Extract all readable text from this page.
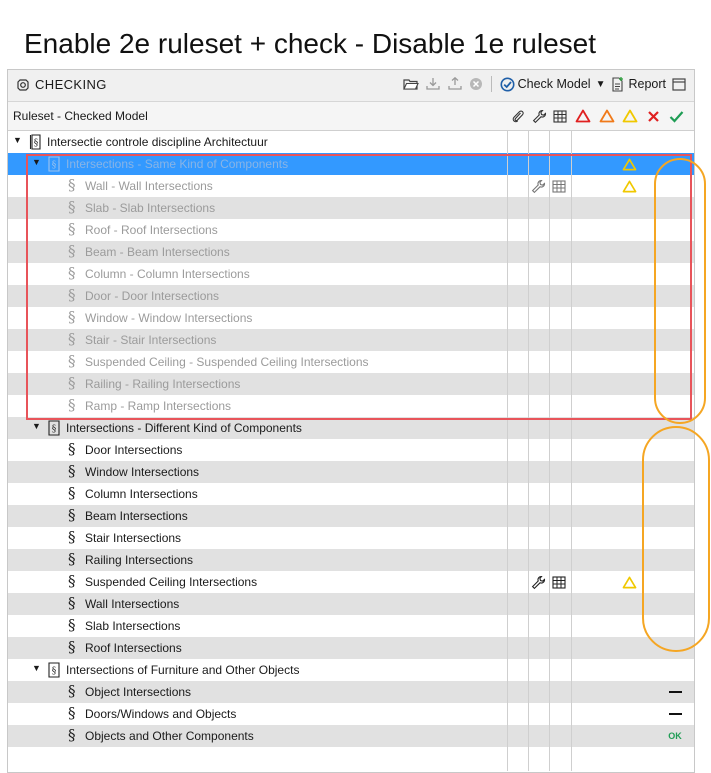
Enable 2e ruleset + check - Disable 1e ruleset
CHECKING	Check Model ▼ Report
Ruleset - Checked Model
▼ § Intersectie controle discipline Architectuur
▼ § Intersections - Same Kind of Components
§ Wall - Wall Intersections
§ Slab - Slab Intersections
§ Roof - Roof Intersections
§ Beam - Beam Intersections
§ Column - Column Intersections
§ Door - Door Intersections
§ Window - Window Intersections
§ Stair - Stair Intersections
§ Suspended Ceiling - Suspended Ceiling Intersections
§ Railing - Railing Intersections
§ Ramp - Ramp Intersections
▼ § Intersections - Different Kind of Components
§ Door Intersections
§ Window Intersections
§ Column Intersections
§ Beam Intersections
§ Stair Intersections
§ Railing Intersections
§ Suspended Ceiling Intersections
§ Wall Intersections
§ Slab Intersections
§ Roof Intersections
▼ § Intersections of Furniture and Other Objects
§ Object Intersections
§ Doors/Windows and Objects
§ Objects and Other Components	OK
